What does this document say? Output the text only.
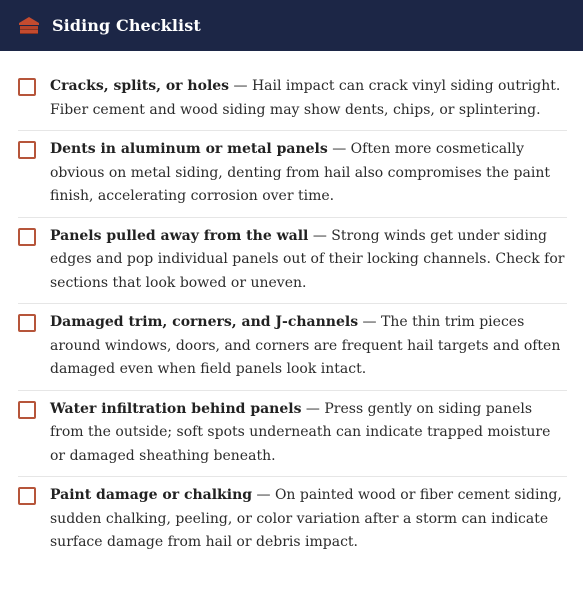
Siding Checklist
Cracks, splits, or holes — Hail impact can crack vinyl siding outright. Fiber cement and wood siding may show dents, chips, or splintering.
Dents in aluminum or metal panels — Often more cosmetically obvious on metal siding, denting from hail also compromises the paint finish, accelerating corrosion over time.
Panels pulled away from the wall — Strong winds get under siding edges and pop individual panels out of their locking channels. Check for sections that look bowed or uneven.
Damaged trim, corners, and J-channels — The thin trim pieces around windows, doors, and corners are frequent hail targets and often damaged even when field panels look intact.
Water infiltration behind panels — Press gently on siding panels from the outside; soft spots underneath can indicate trapped moisture or damaged sheathing beneath.
Paint damage or chalking — On painted wood or fiber cement siding, sudden chalking, peeling, or color variation after a storm can indicate surface damage from hail or debris impact.
